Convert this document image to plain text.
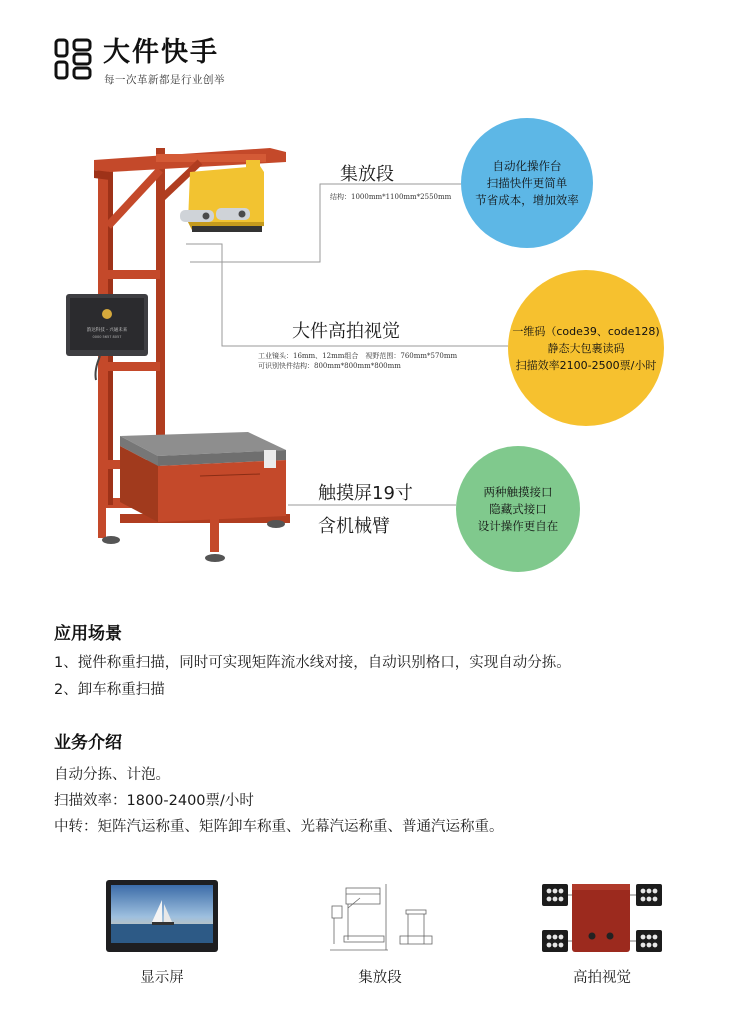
大件快手
每一次革新都是行业创举
韵达科技・兴通未来
0000 5657 8057
集放段
结构：1000mm*1100mm*2550mm
自动化操作台
扫描快件更简单
节省成本，增加效率
大件高拍视觉
工业镜头：16mm、12mm组合　视野范围：760mm*570mm
可识别快件结构：800mm*800mm*800mm
一维码（code39、code128)
静态大包裹读码
扫描效率2100-2500票/小时
触摸屏19寸
含机械臂
两种触摸接口
隐藏式接口
设计操作更自在
应用场景
1、搅件称重扫描，同时可实现矩阵流水线对接，自动识别格口，实现自动分拣。
2、卸车称重扫描
业务介绍
自动分拣、计泡。
扫描效率：1800-2400票/小时
中转：矩阵汽运称重、矩阵卸车称重、光幕汽运称重、普通汽运称重。
显示屏	集放段	高拍视觉
